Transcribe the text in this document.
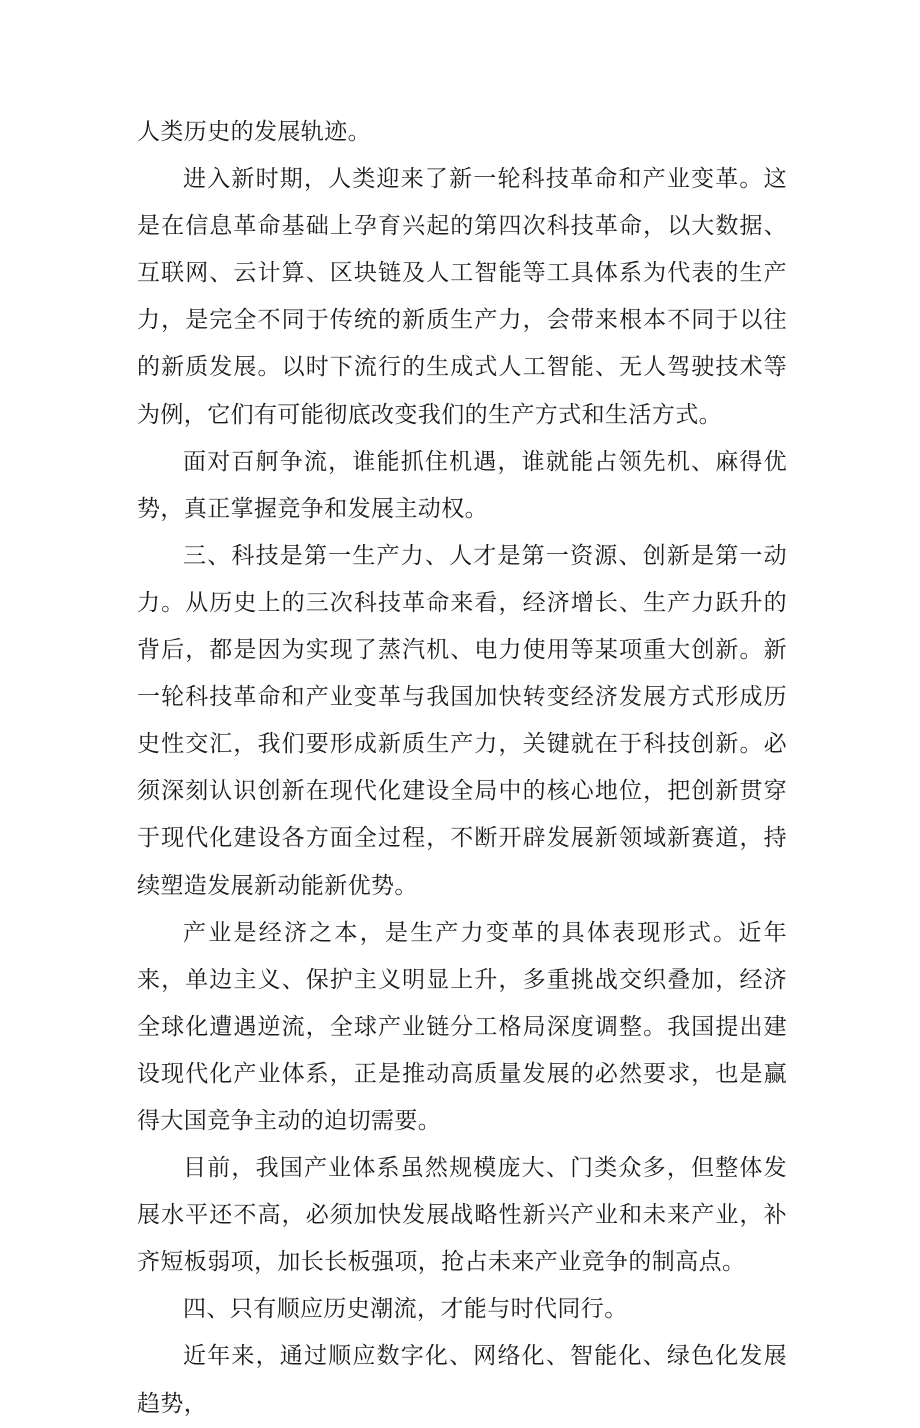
人类历史的发展轨迹。

进入新时期，人类迎来了新一轮科技革命和产业变革。这是在信息革命基础上孕育兴起的第四次科技革命，以大数据、互联网、云计算、区块链及人工智能等工具体系为代表的生产力，是完全不同于传统的新质生产力，会带来根本不同于以往的新质发展。以时下流行的生成式人工智能、无人驾驶技术等为例，它们有可能彻底改变我们的生产方式和生活方式。

面对百舸争流，谁能抓住机遇，谁就能占领先机、麻得优势，真正掌握竞争和发展主动权。

三、科技是第一生产力、人才是第一资源、创新是第一动力。从历史上的三次科技革命来看，经济增长、生产力跃升的背后，都是因为实现了蒸汽机、电力使用等某项重大创新。新一轮科技革命和产业变革与我国加快转变经济发展方式形成历史性交汇，我们要形成新质生产力，关键就在于科技创新。必须深刻认识创新在现代化建设全局中的核心地位，把创新贯穿于现代化建设各方面全过程，不断开辟发展新领域新赛道，持续塑造发展新动能新优势。

产业是经济之本，是生产力变革的具体表现形式。近年来，单边主义、保护主义明显上升，多重挑战交织叠加，经济全球化遭遇逆流，全球产业链分工格局深度调整。我国提出建设现代化产业体系，正是推动高质量发展的必然要求，也是赢得大国竞争主动的迫切需要。

目前，我国产业体系虽然规模庞大、门类众多，但整体发展水平还不高，必须加快发展战略性新兴产业和未来产业，补齐短板弱项，加长长板强项，抢占未来产业竞争的制高点。

四、只有顺应历史潮流，才能与时代同行。

近年来，通过顺应数字化、网络化、智能化、绿色化发展趋势，
